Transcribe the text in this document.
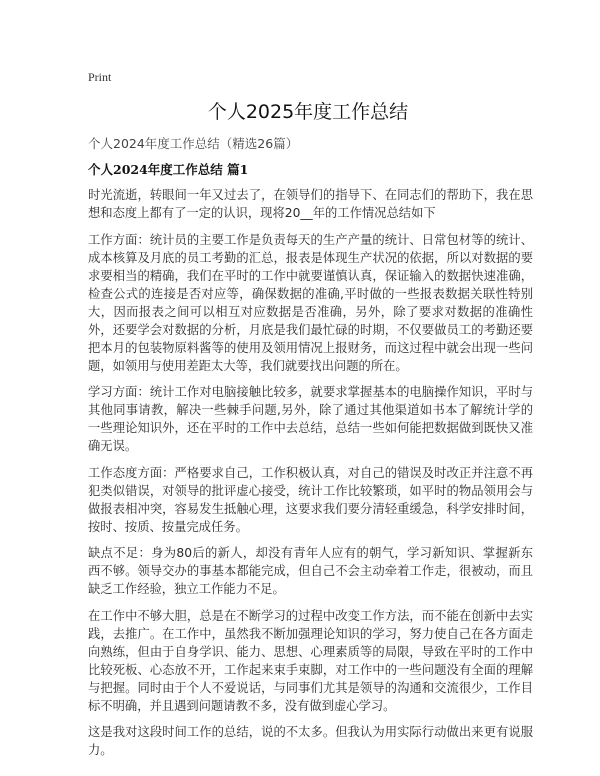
Print
个人2025年度工作总结
个人2024年度工作总结（精选26篇）
个人2024年度工作总结 篇1

时光流逝，转眼间一年又过去了，在领导们的指导下、在同志们的帮助下，我在思想和态度上都有了一定的认识，现将20__年的工作情况总结如下

工作方面：统计员的主要工作是负责每天的生产产量的统计、日常包材等的统计、成本核算及月底的员工考勤的汇总，报表是体现生产状况的依据，所以对数据的要求要相当的精确，我们在平时的工作中就要谨慎认真，保证输入的数据快速准确，检查公式的连接是否对应等，确保数据的准确,平时做的一些报表数据关联性特别大，因而报表之间可以相互对应数据是否准确，另外，除了要求对数据的准确性外，还要学会对数据的分析，月底是我们最忙碌的时期，不仅要做员工的考勤还要把本月的包装物原料酱等的使用及领用情况上报财务，而这过程中就会出现一些问题，如领用与使用差距太大等，我们就要找出问题的所在。

学习方面：统计工作对电脑接触比较多，就要求掌握基本的电脑操作知识，平时与其他同事请教，解决一些棘手问题,另外，除了通过其他渠道如书本了解统计学的一些理论知识外，还在平时的工作中去总结，总结一些如何能把数据做到既快又准确无误。

工作态度方面：严格要求自己，工作积极认真，对自己的错误及时改正并注意不再犯类似错误，对领导的批评虚心接受，统计工作比较繁琐，如平时的物品领用会与做报表相冲突，容易发生抵触心理，这要求我们要分清轻重缓急，科学安排时间，按时、按质、按量完成任务。

缺点不足：身为80后的新人，却没有青年人应有的朝气，学习新知识、掌握新东西不够。领导交办的事基本都能完成，但自己不会主动牵着工作走，很被动，而且缺乏工作经验，独立工作能力不足。

在工作中不够大胆，总是在不断学习的过程中改变工作方法，而不能在创新中去实践，去推广。在工作中，虽然我不断加强理论知识的学习，努力使自己在各方面走向熟练，但由于自身学识、能力、思想、心理素质等的局限，导致在平时的工作中比较死板、心态放不开，工作起来束手束脚，对工作中的一些问题没有全面的理解与把握。同时由于个人不爱说话，与同事们尤其是领导的沟通和交流很少，工作目标不明确，并且遇到问题请教不多，没有做到虚心学习。

这是我对这段时间工作的总结，说的不太多。但我认为用实际行动做出来更有说服力。
